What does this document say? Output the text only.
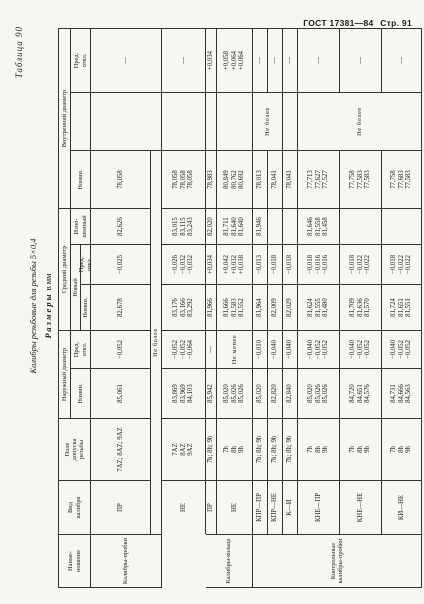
ГОСТ 17381—84 Стр. 91
Таблица 90
Калибры резьбовые для резьбы 5×0,4 Размеры в мм
Наиме-
нование
Вид
калибра
Поле
допуска
резьбы
Наружный диаметр
Средний диаметр
Внутренний диаметр
Номин.
Пред.
откл.
Новый
Номин.
Пред.
откл.
Изно-
шенный
Номин.
Пред.
откл.
Калибры-пробки
ПР
7AZ; 8AZ; 9AZ
85,061
−0,052
82,678
−0,025
82,626
78,058
—
Не более
НЕ
7AZ
8AZ
9AZ
83,869
83,969
84,103
−0,052
−0,052
−0,064
83,176
83,166
83,292
−0,026
−0,032
−0,032
83,015
83,115
83,243
78,058
78,058
78,058
—
Калибры-кольца
ПР
7h; 8h; 9h
85,942
—
81,966
+0,034
82,020
78,983
+0,034
НЕ
7h
8h
9h
85,020
85,026
85,026
Не менее
81,666
81,583
81,552
+0,042
+0,032
+0,038
81,711
81,640
81,640
80,849
80,762
80,692
+0,058
+0,064
+0,064
Контрольные калибры-пробки
КПР—ПР
7h; 8h; 9h
85,020
−0,010
81,964
−0,013
81,946
78,013
Не более
—
КПР—НЕ
7h; 8h; 9h
82,820
−0,040
82,009
−0,018
78,041
—
К—И
7h; 8h; 9h
82,840
−0,040
82,029
−0,018
78,041
—
КНЕ—ПР
7h
8h
9h
85,020
85,026
85,026
−0,040
−0,052
−0,052
81,624
81,555
81,480
−0,018
−0,016
−0,016
81,646
81,558
81,458
77,713
77,627
77,527
Не более
—
КНЕ—НЕ
7h
8h
9h
84,720
84,651
84,576
−0,040
−0,052
−0,052
81,709
81,636
81,570
−0,018
−0,022
−0,022
77,758
77,583
77,583
—
КИ—НЕ
7h
8h
9h
84,731
84,666
84,563
−0,040
−0,052
−0,052
81,724
81,651
81,551
−0,018
−0,022
−0,022
77,758
77,683
77,583
—
